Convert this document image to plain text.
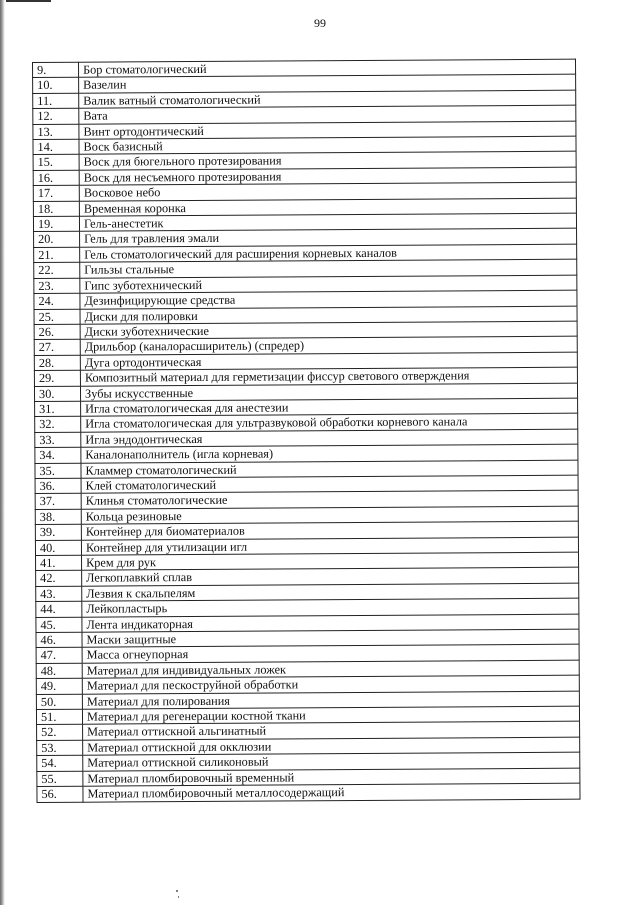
99
9.	Бор стоматологический
10.	Вазелин
11.	Валик ватный стоматологический
12.	Вата
13.	Винт ортодонтический
14.	Воск базисный
15.	Воск для бюгельного протезирования
16.	Воск для несъемного протезирования
17.	Восковое небо
18.	Временная коронка
19.	Гель-анестетик
20.	Гель для травления эмали
21.	Гель стоматологический для расширения корневых каналов
22.	Гильзы стальные
23.	Гипс зуботехнический
24.	Дезинфицирующие средства
25.	Диски для полировки
26.	Диски зуботехнические
27.	Дрильбор (каналорасширитель) (спредер)
28.	Дуга ортодонтическая
29.	Композитный материал для герметизации фиссур светового отверждения
30.	Зубы искусственные
31.	Игла стоматологическая для анестезии
32.	Игла стоматологическая для ультразвуковой обработки корневого канала
33.	Игла эндодонтическая
34.	Каналонаполнитель (игла корневая)
35.	Кламмер стоматологический
36.	Клей стоматологический
37.	Клинья стоматологические
38.	Кольца резиновые
39.	Контейнер для биоматериалов
40.	Контейнер для утилизации игл
41.	Крем для рук
42.	Легкоплавкий сплав
43.	Лезвия к скальпелям
44.	Лейкопластырь
45.	Лента индикаторная
46.	Маски защитные
47.	Масса огнеупорная
48.	Материал для индивидуальных ложек
49.	Материал для пескоструйной обработки
50.	Материал для полирования
51.	Материал для регенерации костной ткани
52.	Материал оттискной альгинатный
53.	Материал оттискной для окклюзии
54.	Материал оттискной силиконовый
55.	Материал пломбировочный временный
56.	Материал пломбировочный металлосодержащий
